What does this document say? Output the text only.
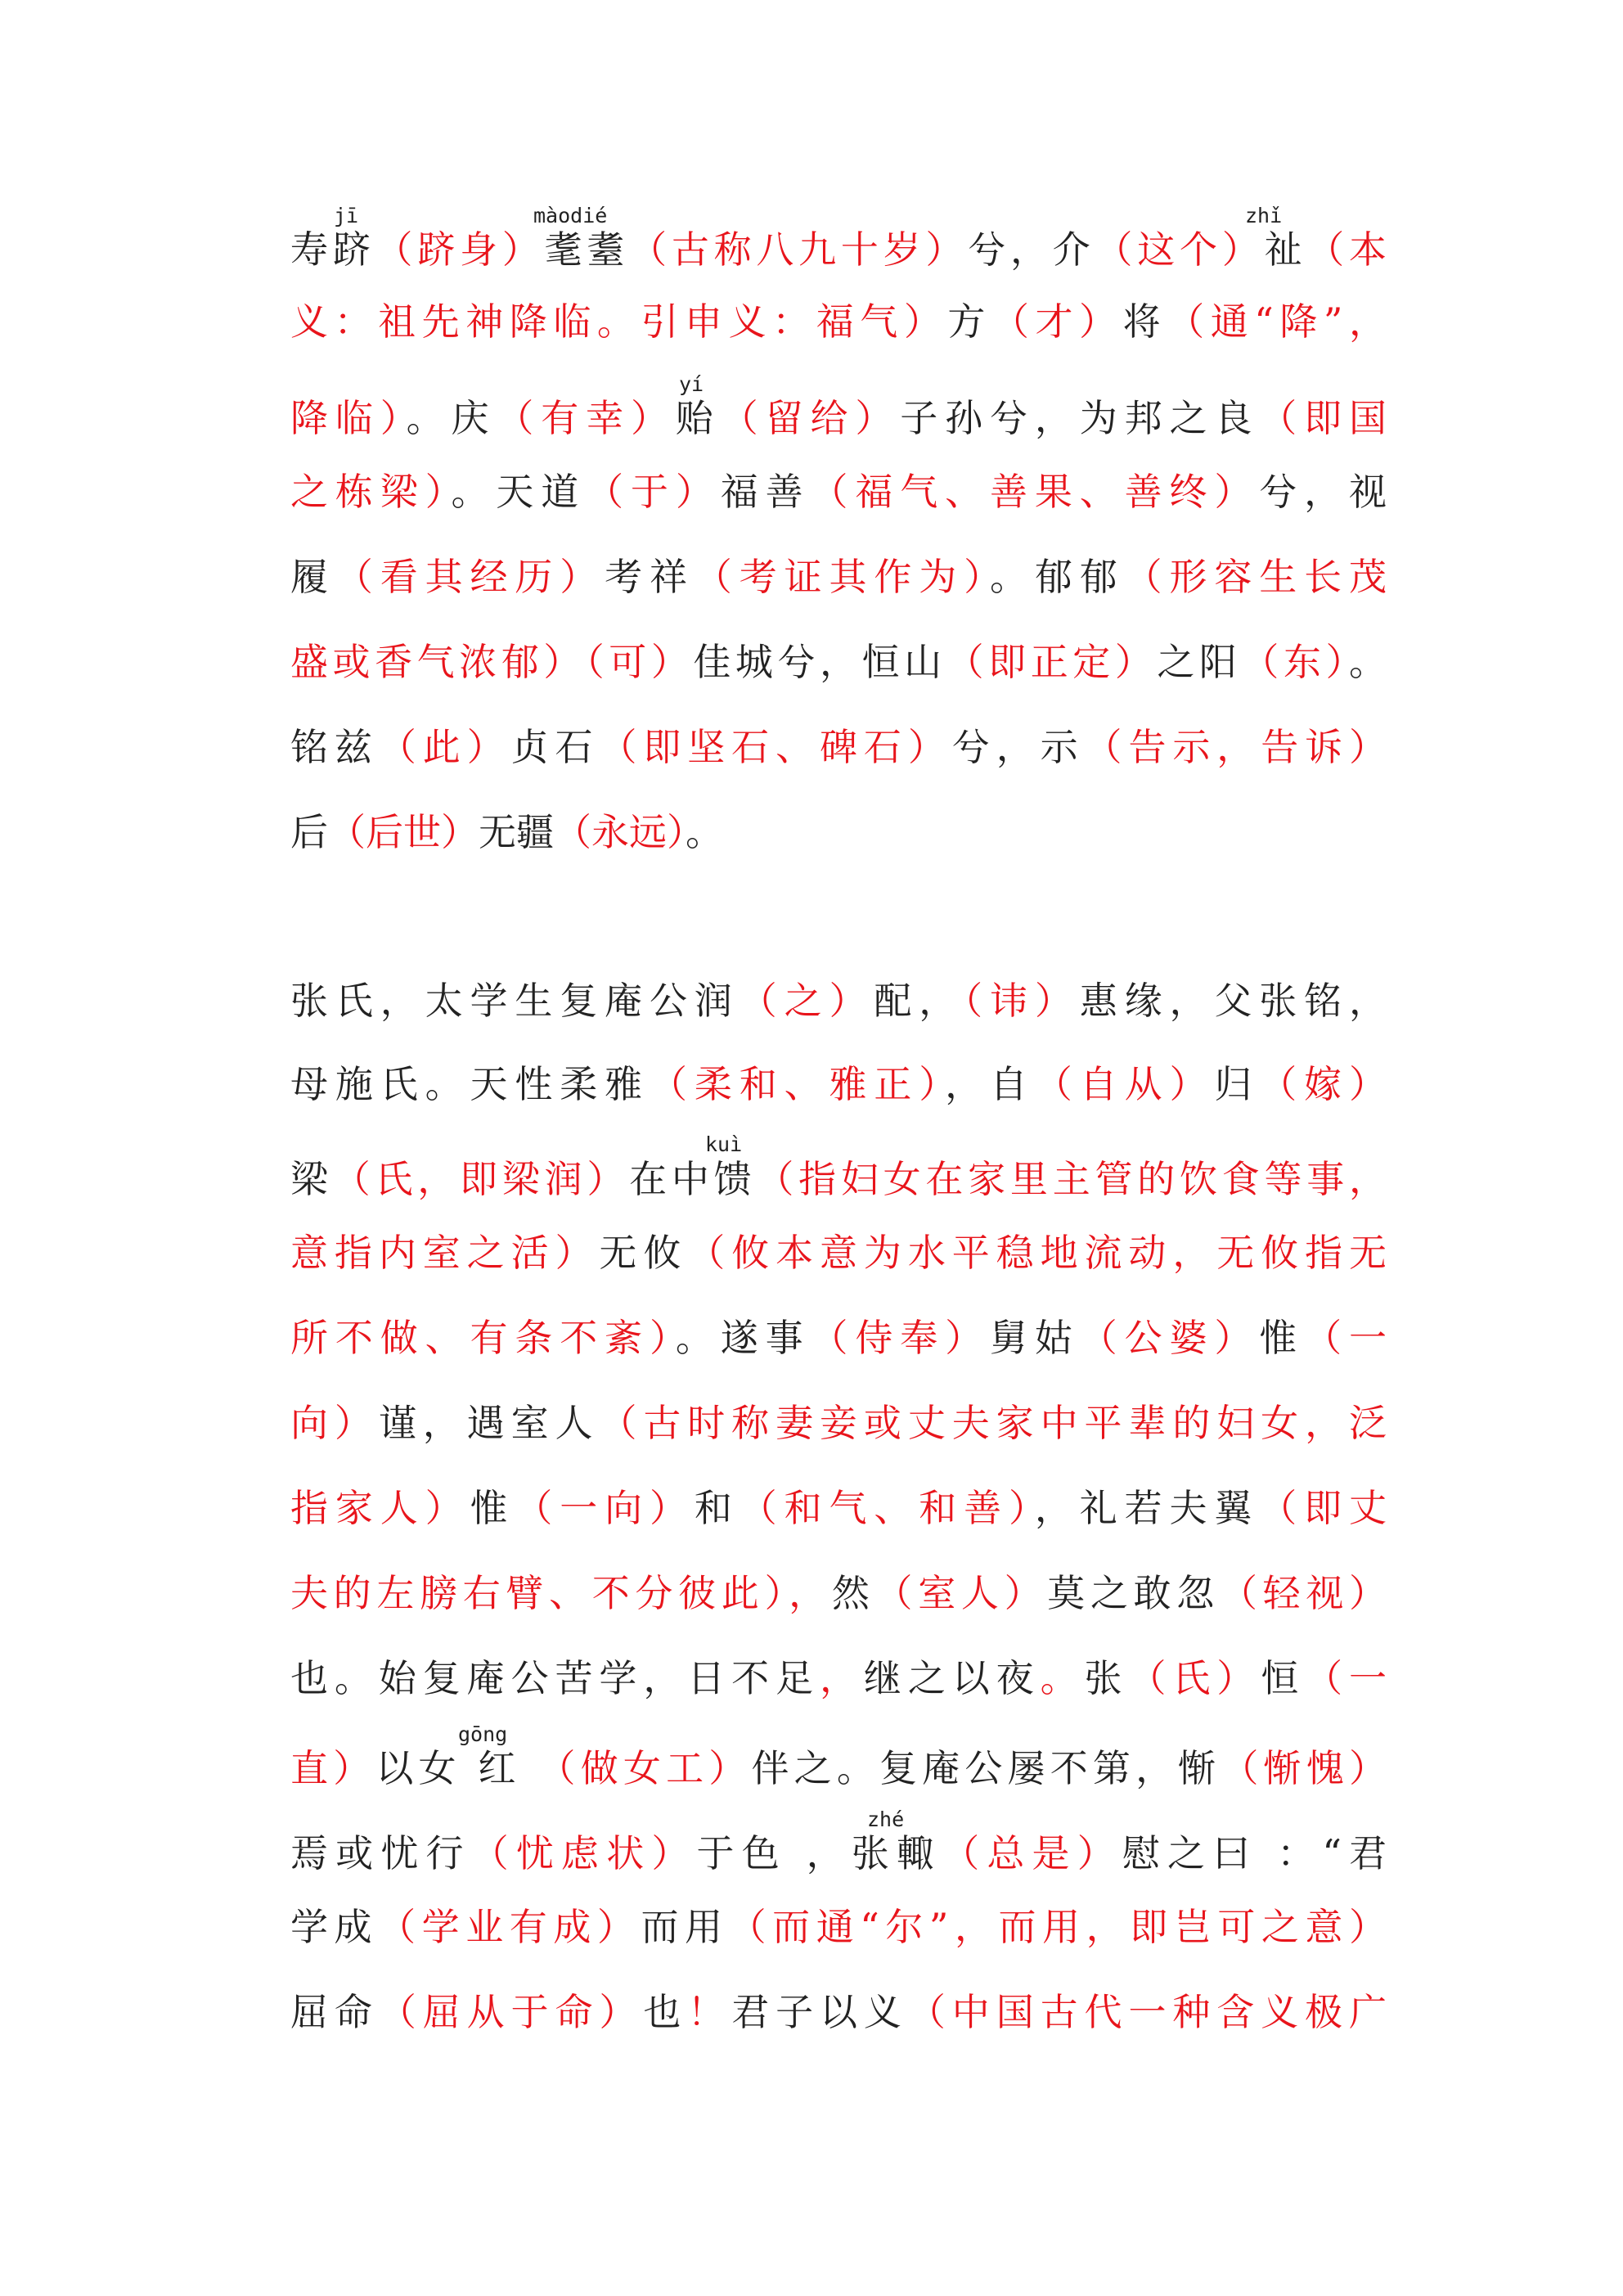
jī	màodié	zhǐ
yí
kuì
gōng
zhé
寿跻（跻身）耄耋（古称八九十岁）兮，介（这个）祉（本
义：祖先神降临。引申义：福气）方（才）将（通“降”，
降临）。庆（有幸）贻（留给）子孙兮，为邦之良（即国
之栋梁）。天道（于）福善（福气、善果、善终）兮，视
履（看其经历）考祥（考证其作为）。郁郁（形容生长茂
盛或香气浓郁）（可）佳城兮，恒山（即正定）之阳（东）。
铭兹（此）贞石（即坚石、碑石）兮，示（告示，告诉）
后（后世）无疆（永远）。
张氏，太学生复庵公润（之）配，（讳）惠缘，父张铭，
母施氏。天性柔雅（柔和、雅正），自（自从）归（嫁）
梁（氏，即梁润）在中馈（指妇女在家里主管的饮食等事，
意指内室之活）无攸（攸本意为水平稳地流动，无攸指无
所不做、有条不紊）。遂事（侍奉）舅姑（公婆）惟（一
向）谨，遇室人（古时称妻妾或丈夫家中平辈的妇女，泛
指家人）惟（一向）和（和气、和善），礼若夫翼（即丈
夫的左膀右臂、不分彼此），然（室人）莫之敢忽（轻视）
也。始复庵公苦学，日不足，继之以夜。张（氏）恒（一
直）以女 红 （做女工）伴之。复庵公屡不第，惭（惭愧）
焉或忧行（忧虑状）于色 ，张輙（总是）慰之曰 ：“君
学成（学业有成）而用（而通“尔”，而用，即岂可之意）
屈命（屈从于命）也！君子以义（中国古代一种含义极广
